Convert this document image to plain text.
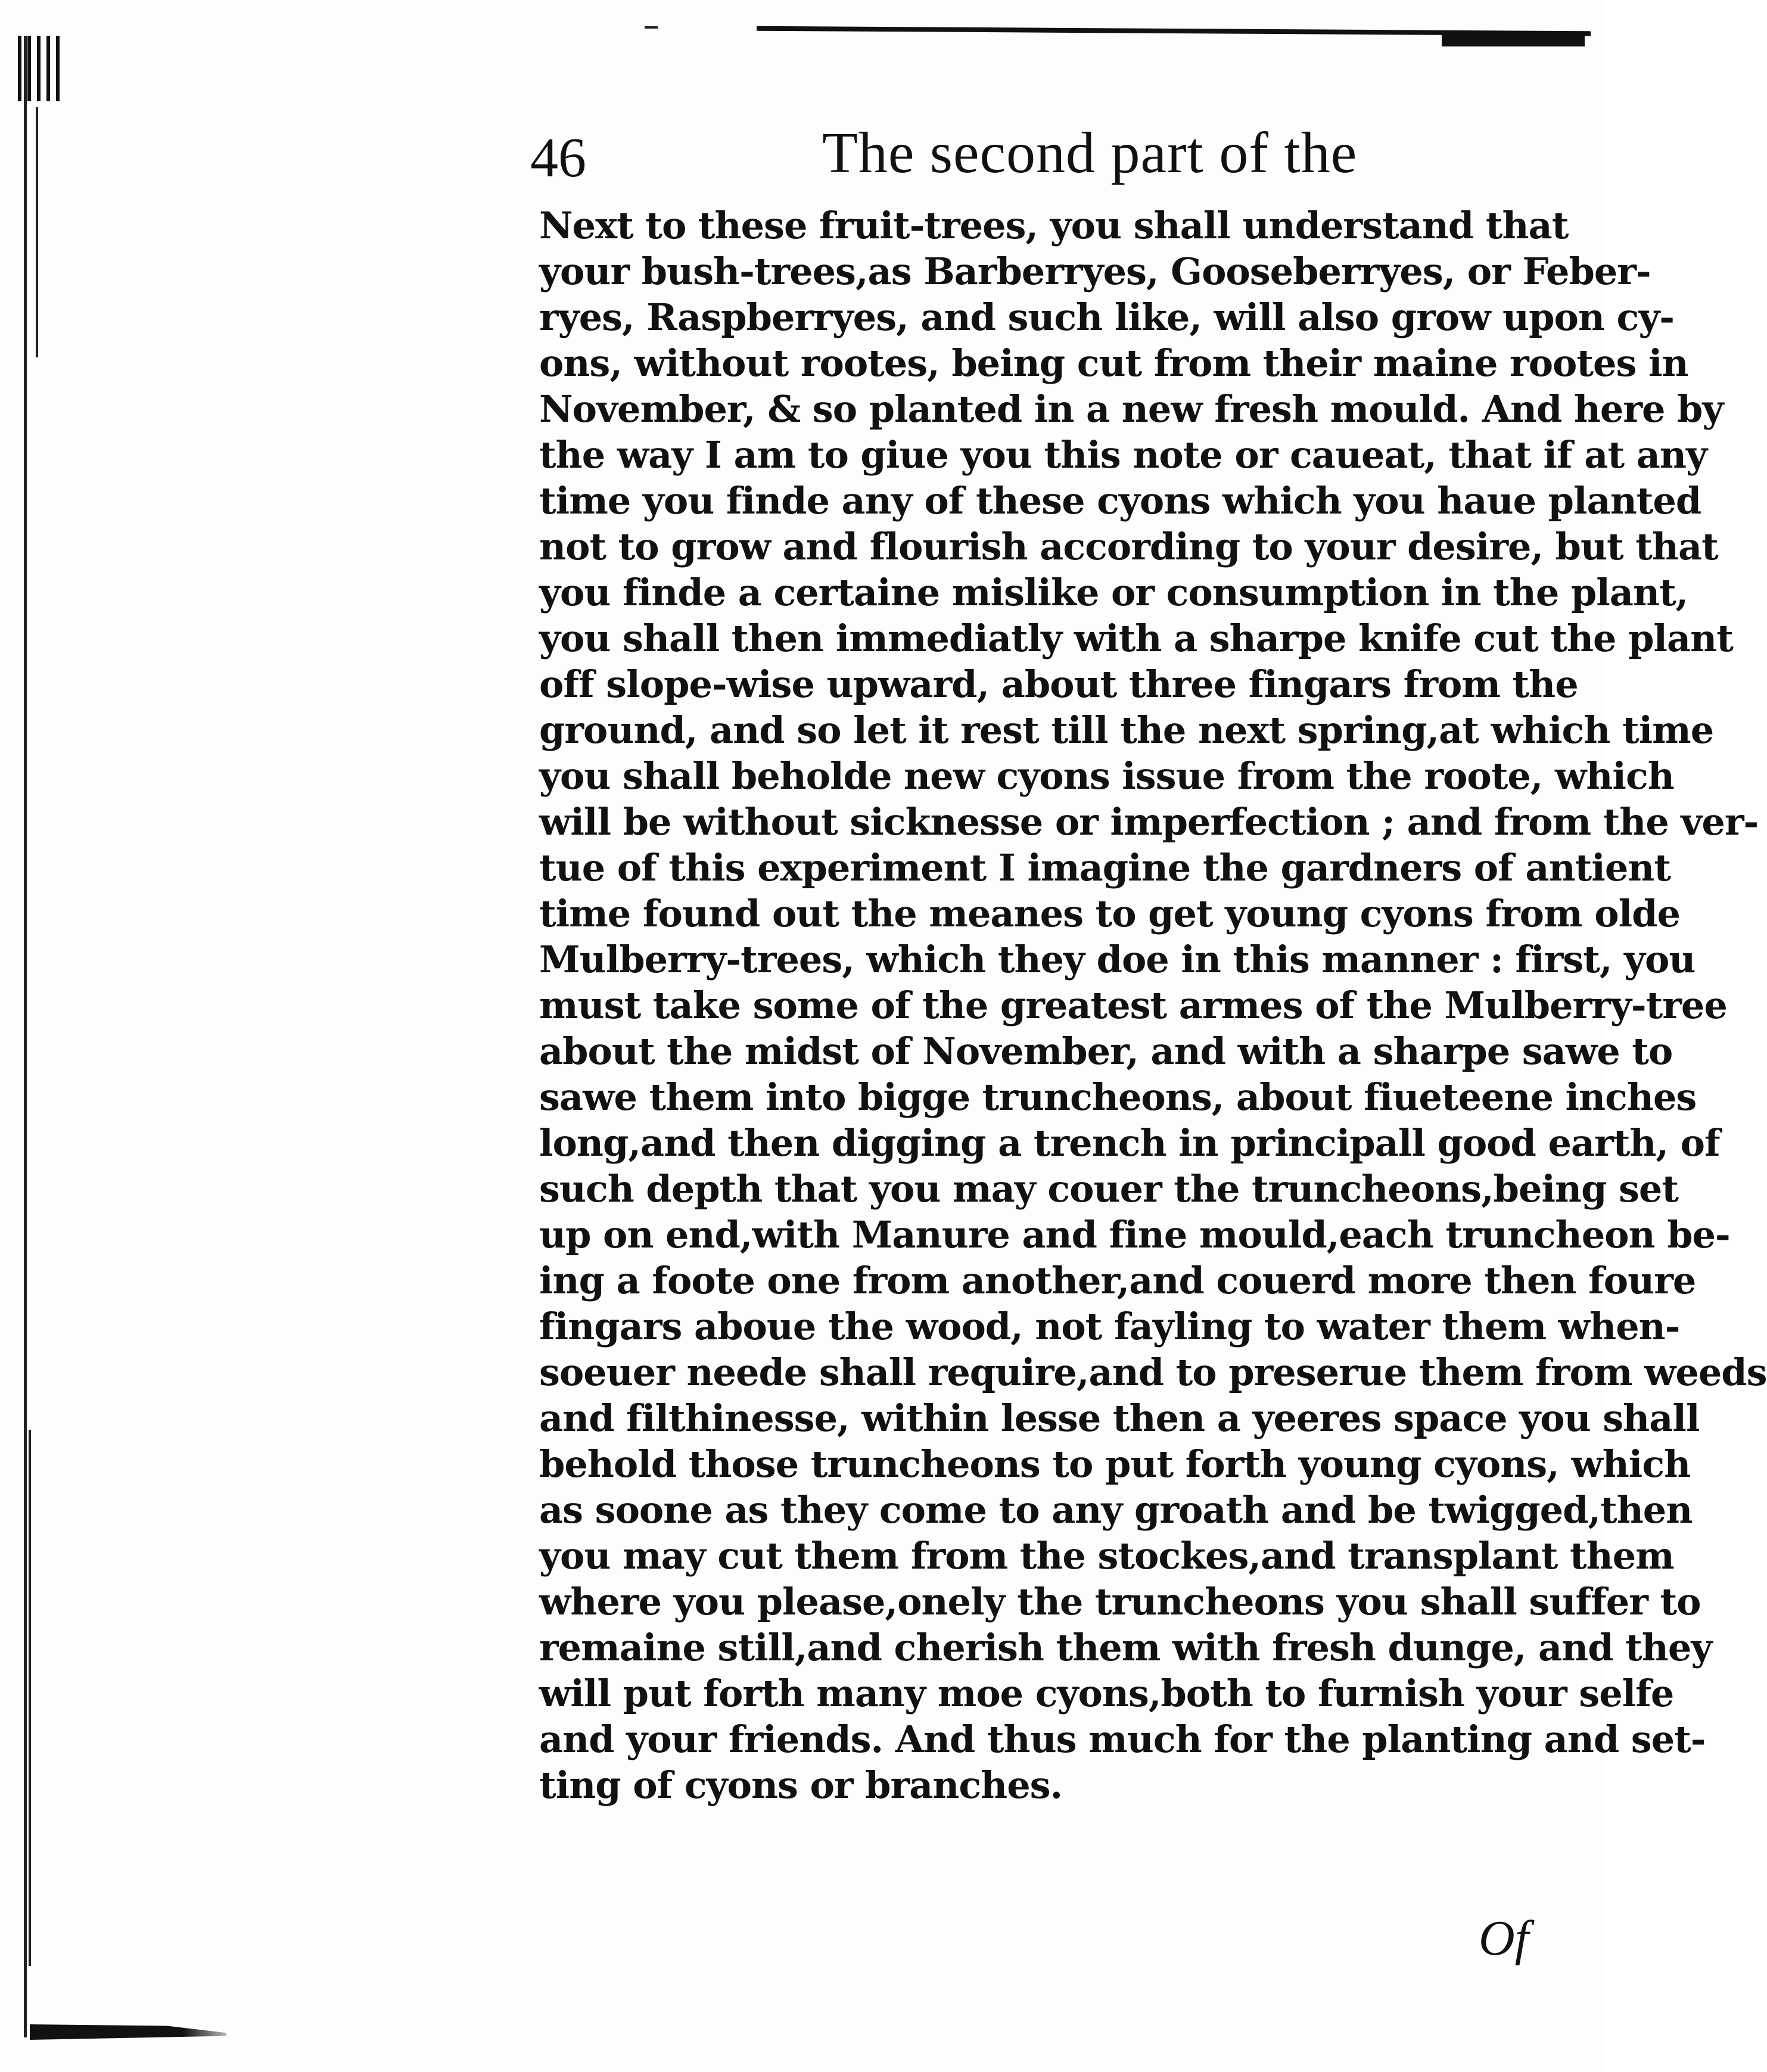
46	The second part of the
Next to these fruit-trees, you shall understand that
your bush-trees,as Barberryes, Gooseberryes, or Feber-
ryes, Raspberryes, and such like, will also grow upon cy-
ons, without rootes, being cut from their maine rootes in
November, & so planted in a new fresh mould. And here by
the way I am to giue you this note or caueat, that if at any
time you finde any of these cyons which you haue planted
not to grow and flourish according to your desire, but that
you finde a certaine mislike or consumption in the plant,
you shall then immediatly with a sharpe knife cut the plant
off slope-wise upward, about three fingars from the
ground, and so let it rest till the next spring,at which time
you shall beholde new cyons issue from the roote, which
will be without sicknesse or imperfection ; and from the ver-
tue of this experiment I imagine the gardners of antient
time found out the meanes to get young cyons from olde
Mulberry-trees, which they doe in this manner : first, you
must take some of the greatest armes of the Mulberry-tree
about the midst of November, and with a sharpe sawe to
sawe them into bigge truncheons, about fiueteene inches
long,and then digging a trench in principall good earth, of
such depth that you may couer the truncheons,being set
up on end,with Manure and fine mould,each truncheon be-
ing a foote one from another,and couerd more then foure
fingars aboue the wood, not fayling to water them when-
soeuer neede shall require,and to preserue them from weeds
and filthinesse, within lesse then a yeeres space you shall
behold those truncheons to put forth young cyons, which
as soone as they come to any groath and be twigged,then
you may cut them from the stockes,and transplant them
where you please,onely the truncheons you shall suffer to
remaine still,and cherish them with fresh dunge, and they
will put forth many moe cyons,both to furnish your selfe
and your friends. And thus much for the planting and set-
ting of cyons or branches.
Of
